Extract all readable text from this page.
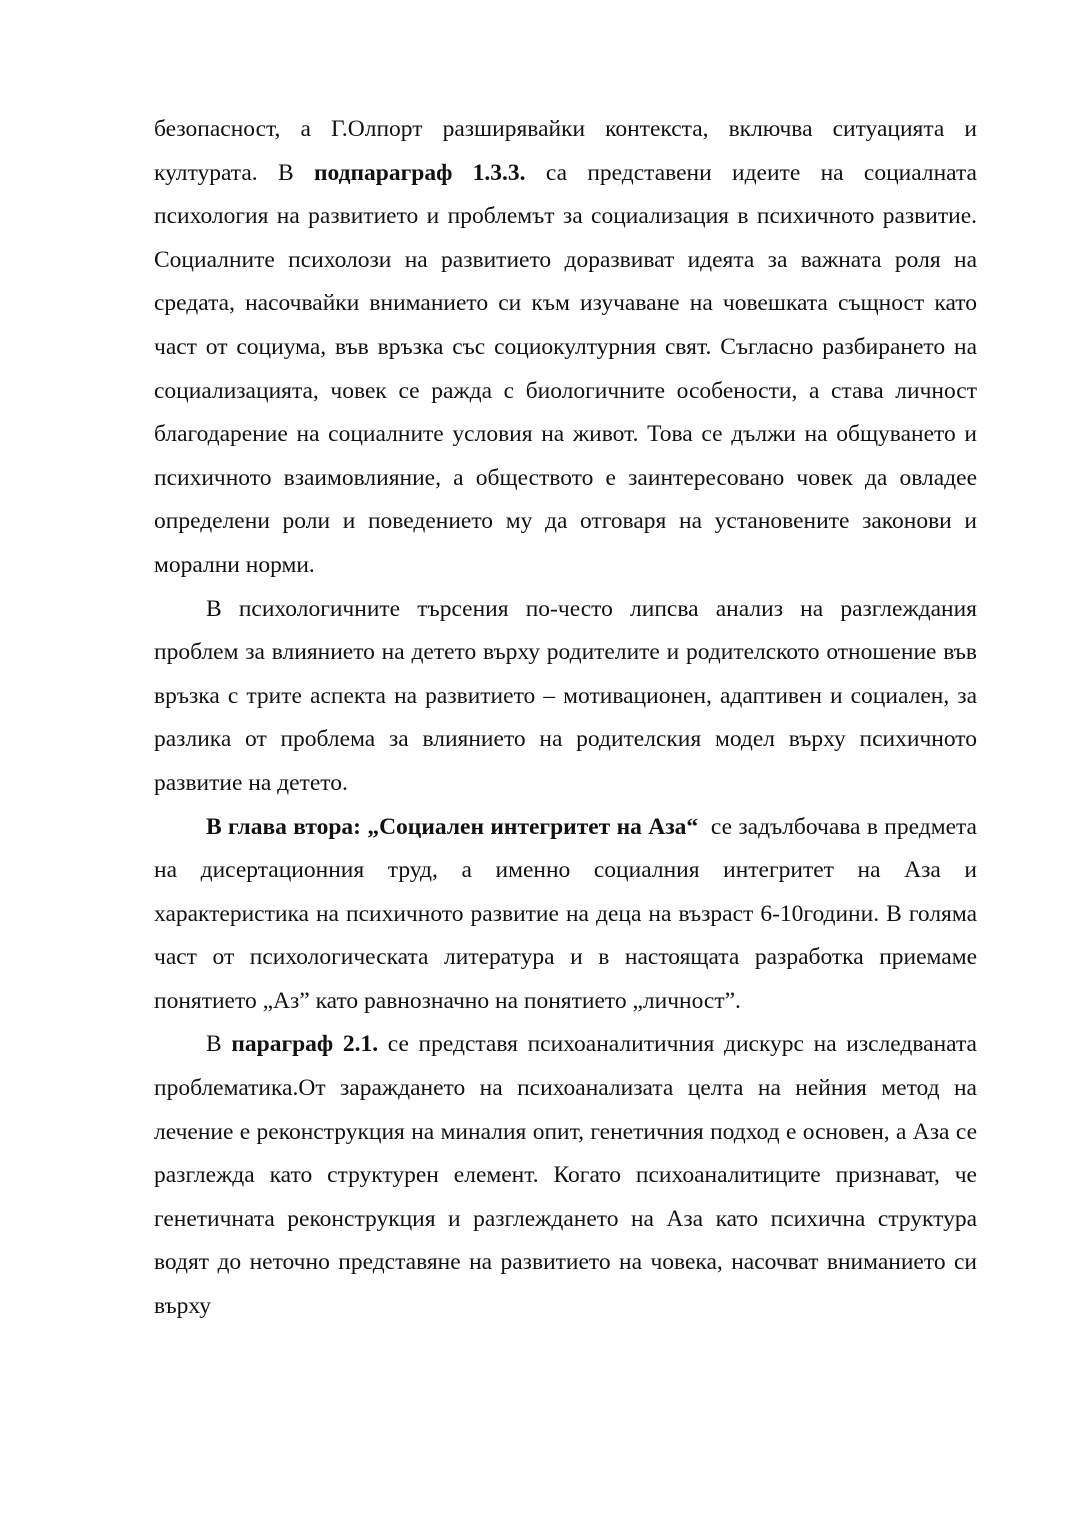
безопасност, а Г.Олпорт разширявайки контекста, включва ситуацията и културата. В подпараграф 1.3.3. са представени идеите на социалната психология на развитието и проблемът за социализация в психичното развитие. Социалните психолози на развитието доразвиват идеята за важната роля на средата, насочвайки вниманието си към изучаване на човешката същност като част от социума, във връзка със социокултурния свят. Съгласно разбирането на социализацията, човек се ражда с биологичните особености, а става личност благодарение на социалните условия на живот. Това се дължи на общуването и психичното взаимовлияние, а обществото е заинтересовано човек да овладее определени роли и поведението му да отговаря на установените законови и морални норми.

В психологичните търсения по-често липсва анализ на разглеждания проблем за влиянието на детето върху родителите и родителското отношение във връзка с трите аспекта на развитието – мотивационен, адаптивен и социален, за разлика от проблема за влиянието на родителския модел върху психичното развитие на детето.

В глава втора: „Социален интегритет на Аза“  се задълбочава в предмета на дисертационния труд, а именно социалния интегритет на Аза и характеристика на психичното развитие на деца на възраст 6-10години. В голяма част от психологическата литература и в настоящата разработка приемаме понятието „Аз” като равнозначно на понятието „личност”.

В параграф 2.1. се представя психоаналитичния дискурс на изследваната проблематика.От зараждането на психоанализата целта на нейния метод на лечение е реконструкция на миналия опит, генетичния подход е основен, а Аза се разглежда като структурен елемент. Когато психоаналитиците признават, че генетичната реконструкция и разглеждането на Аза като психична структура водят до неточно представяне на развитието на човека, насочват вниманието си върху
